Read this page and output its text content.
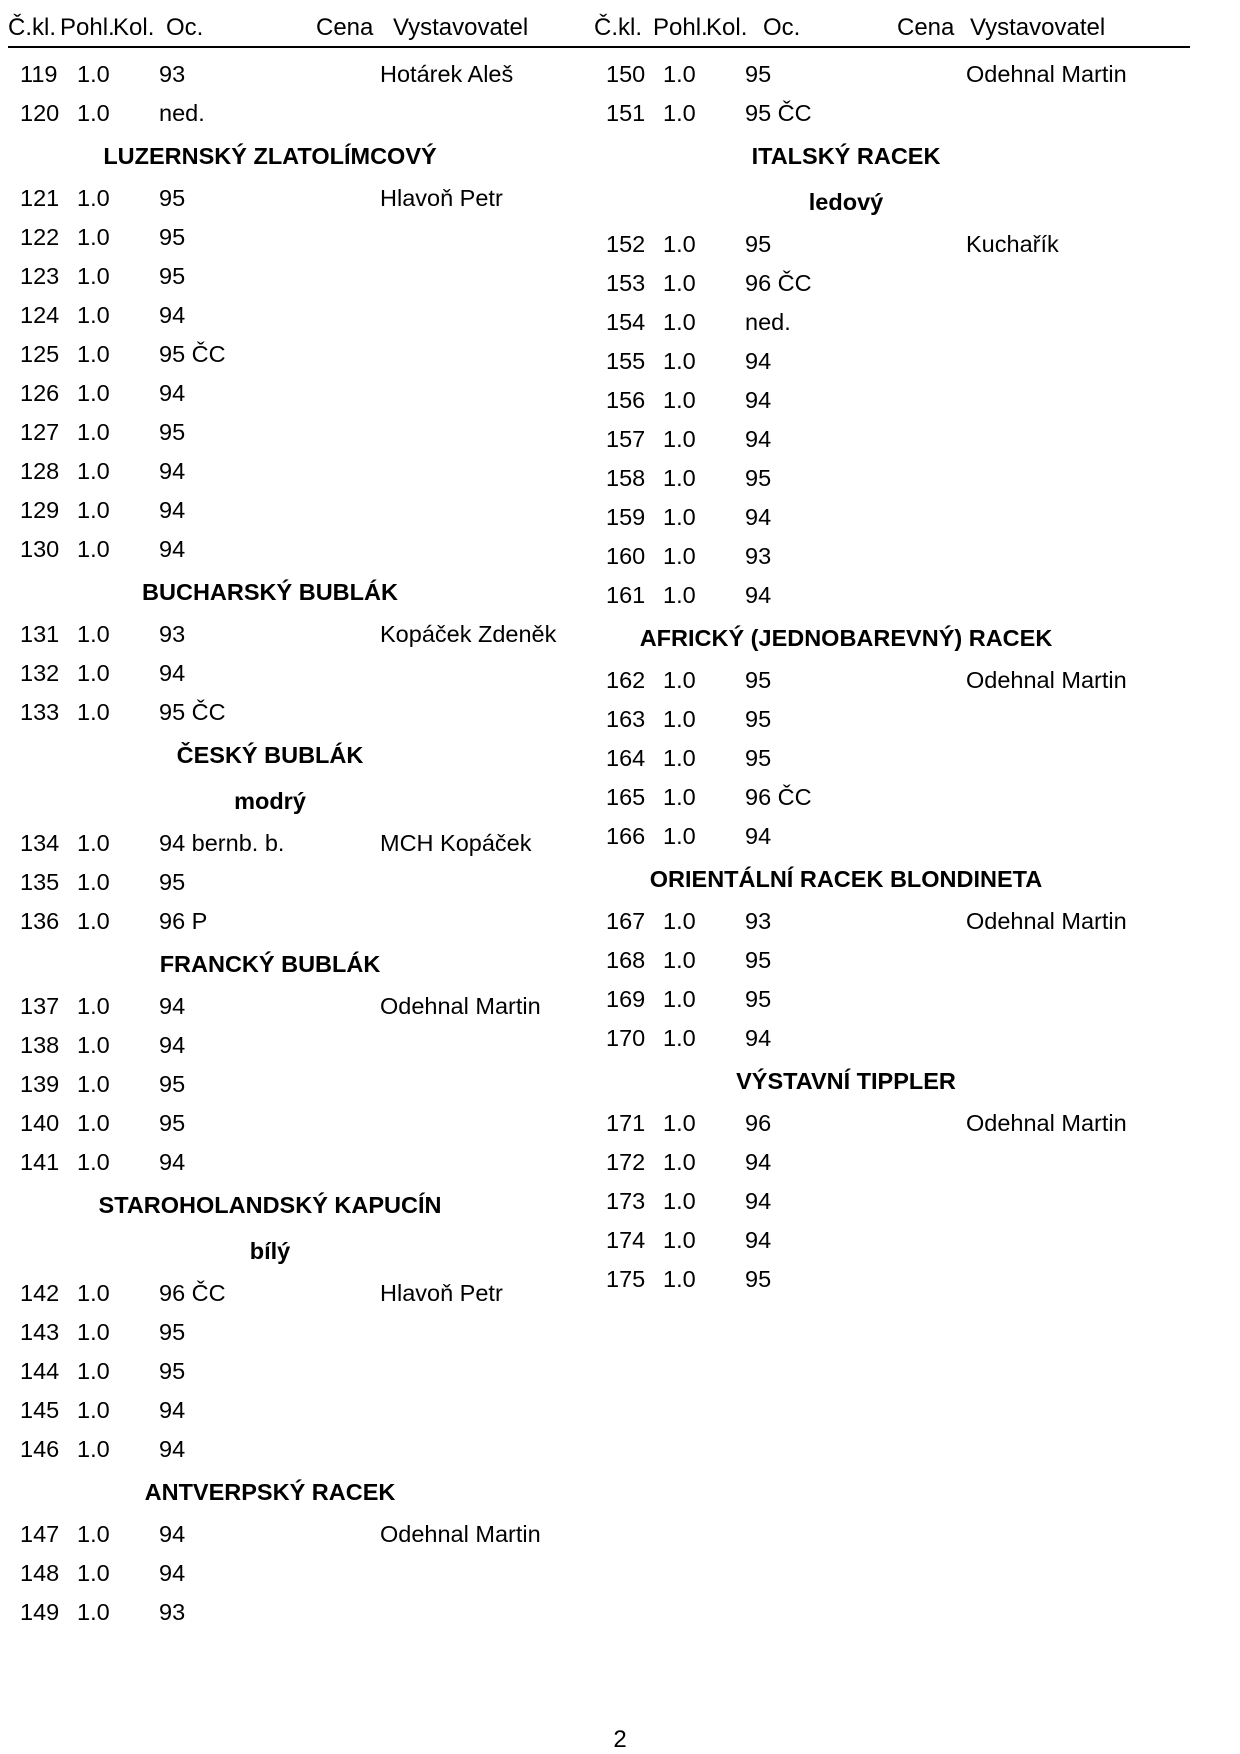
Č.kl. Pohl.
Kol. Oc.	Cena Vystavovatel	Č.kl. Pohl.
Kol. Oc.	Cena Vystavovatel
119 1.0 93	Hotárek Aleš
120 1.0 ned.
LUZERNSKÝ ZLATOLÍMCOVÝ
121 1.0 95	Hlavoň Petr
122 1.0 95
123 1.0 95
124 1.0 94
125 1.0 95 ČC
126 1.0 94
127 1.0 95
128 1.0 94
129 1.0 94
130 1.0 94
BUCHARSKÝ BUBLÁK
131 1.0 93	Kopáček Zdeněk
132 1.0 94
133 1.0 95 ČC
ČESKÝ BUBLÁK
modrý
134 1.0 94 bernb. b.	MCH Kopáček
135 1.0 95
136 1.0 96 P
FRANCKÝ BUBLÁK
137 1.0 94	Odehnal Martin
138 1.0 94
139 1.0 95
140 1.0 95
141 1.0 94
STAROHOLANDSKÝ KAPUCÍN
bílý
142 1.0 96 ČC	Hlavoň Petr
143 1.0 95
144 1.0 95
145 1.0 94
146 1.0 94
ANTVERPSKÝ RACEK
147 1.0 94	Odehnal Martin
148 1.0 94
149 1.0 93
150 1.0 95	Odehnal Martin
151 1.0 95 ČC
ITALSKÝ RACEK
ledový
152 1.0 95	Kuchařík
153 1.0 96 ČC
154 1.0 ned.
155 1.0 94
156 1.0 94
157 1.0 94
158 1.0 95
159 1.0 94
160 1.0 93
161 1.0 94
AFRICKÝ (JEDNOBAREVNÝ) RACEK
162 1.0 95	Odehnal Martin
163 1.0 95
164 1.0 95
165 1.0 96 ČC
166 1.0 94
ORIENTÁLNÍ RACEK BLONDINETA
167 1.0 93	Odehnal Martin
168 1.0 95
169 1.0 95
170 1.0 94
VÝSTAVNÍ TIPPLER
171 1.0 96	Odehnal Martin
172 1.0 94
173 1.0 94
174 1.0 94
175 1.0 95
2
